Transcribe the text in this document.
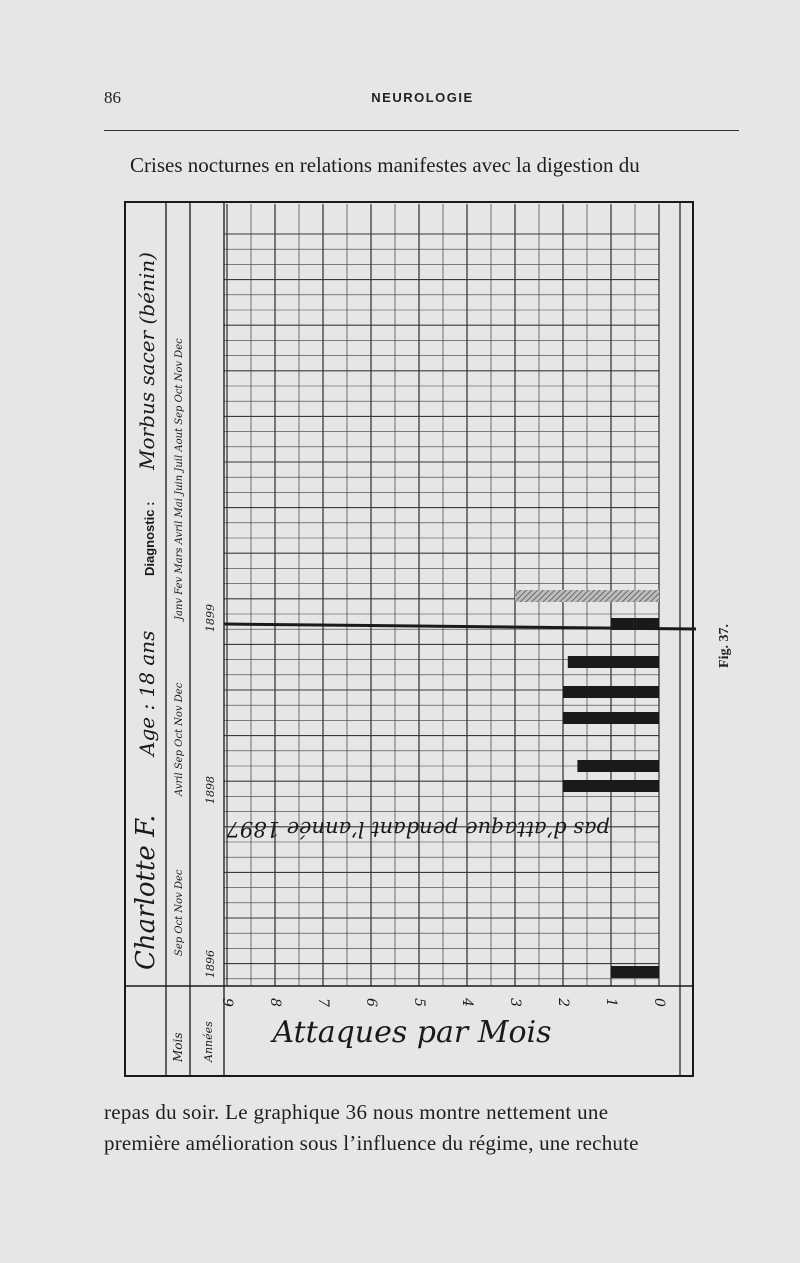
86	NEUROLOGIE
Crises nocturnes en relations manifestes avec la digestion du
9 8 7 6 5 4 3 2 1 0
Charlotte F.
Age : 18 ans
Diagnostic :
Morbus sacer (bénin)
Mois Années
Sep Oct Nov Dec
Avril Sep Oct Nov Dec
Janv Fev Mars Avril Mai Juin Juil Aout Sep Oct Nov Dec
1896
1898
1899
pas d’attaque pendant l’année 1897
Attaques par Mois
Fig. 37.
repas du soir. Le graphique 36 nous montre nettement une
première amélioration sous l’influence du régime, une rechute
